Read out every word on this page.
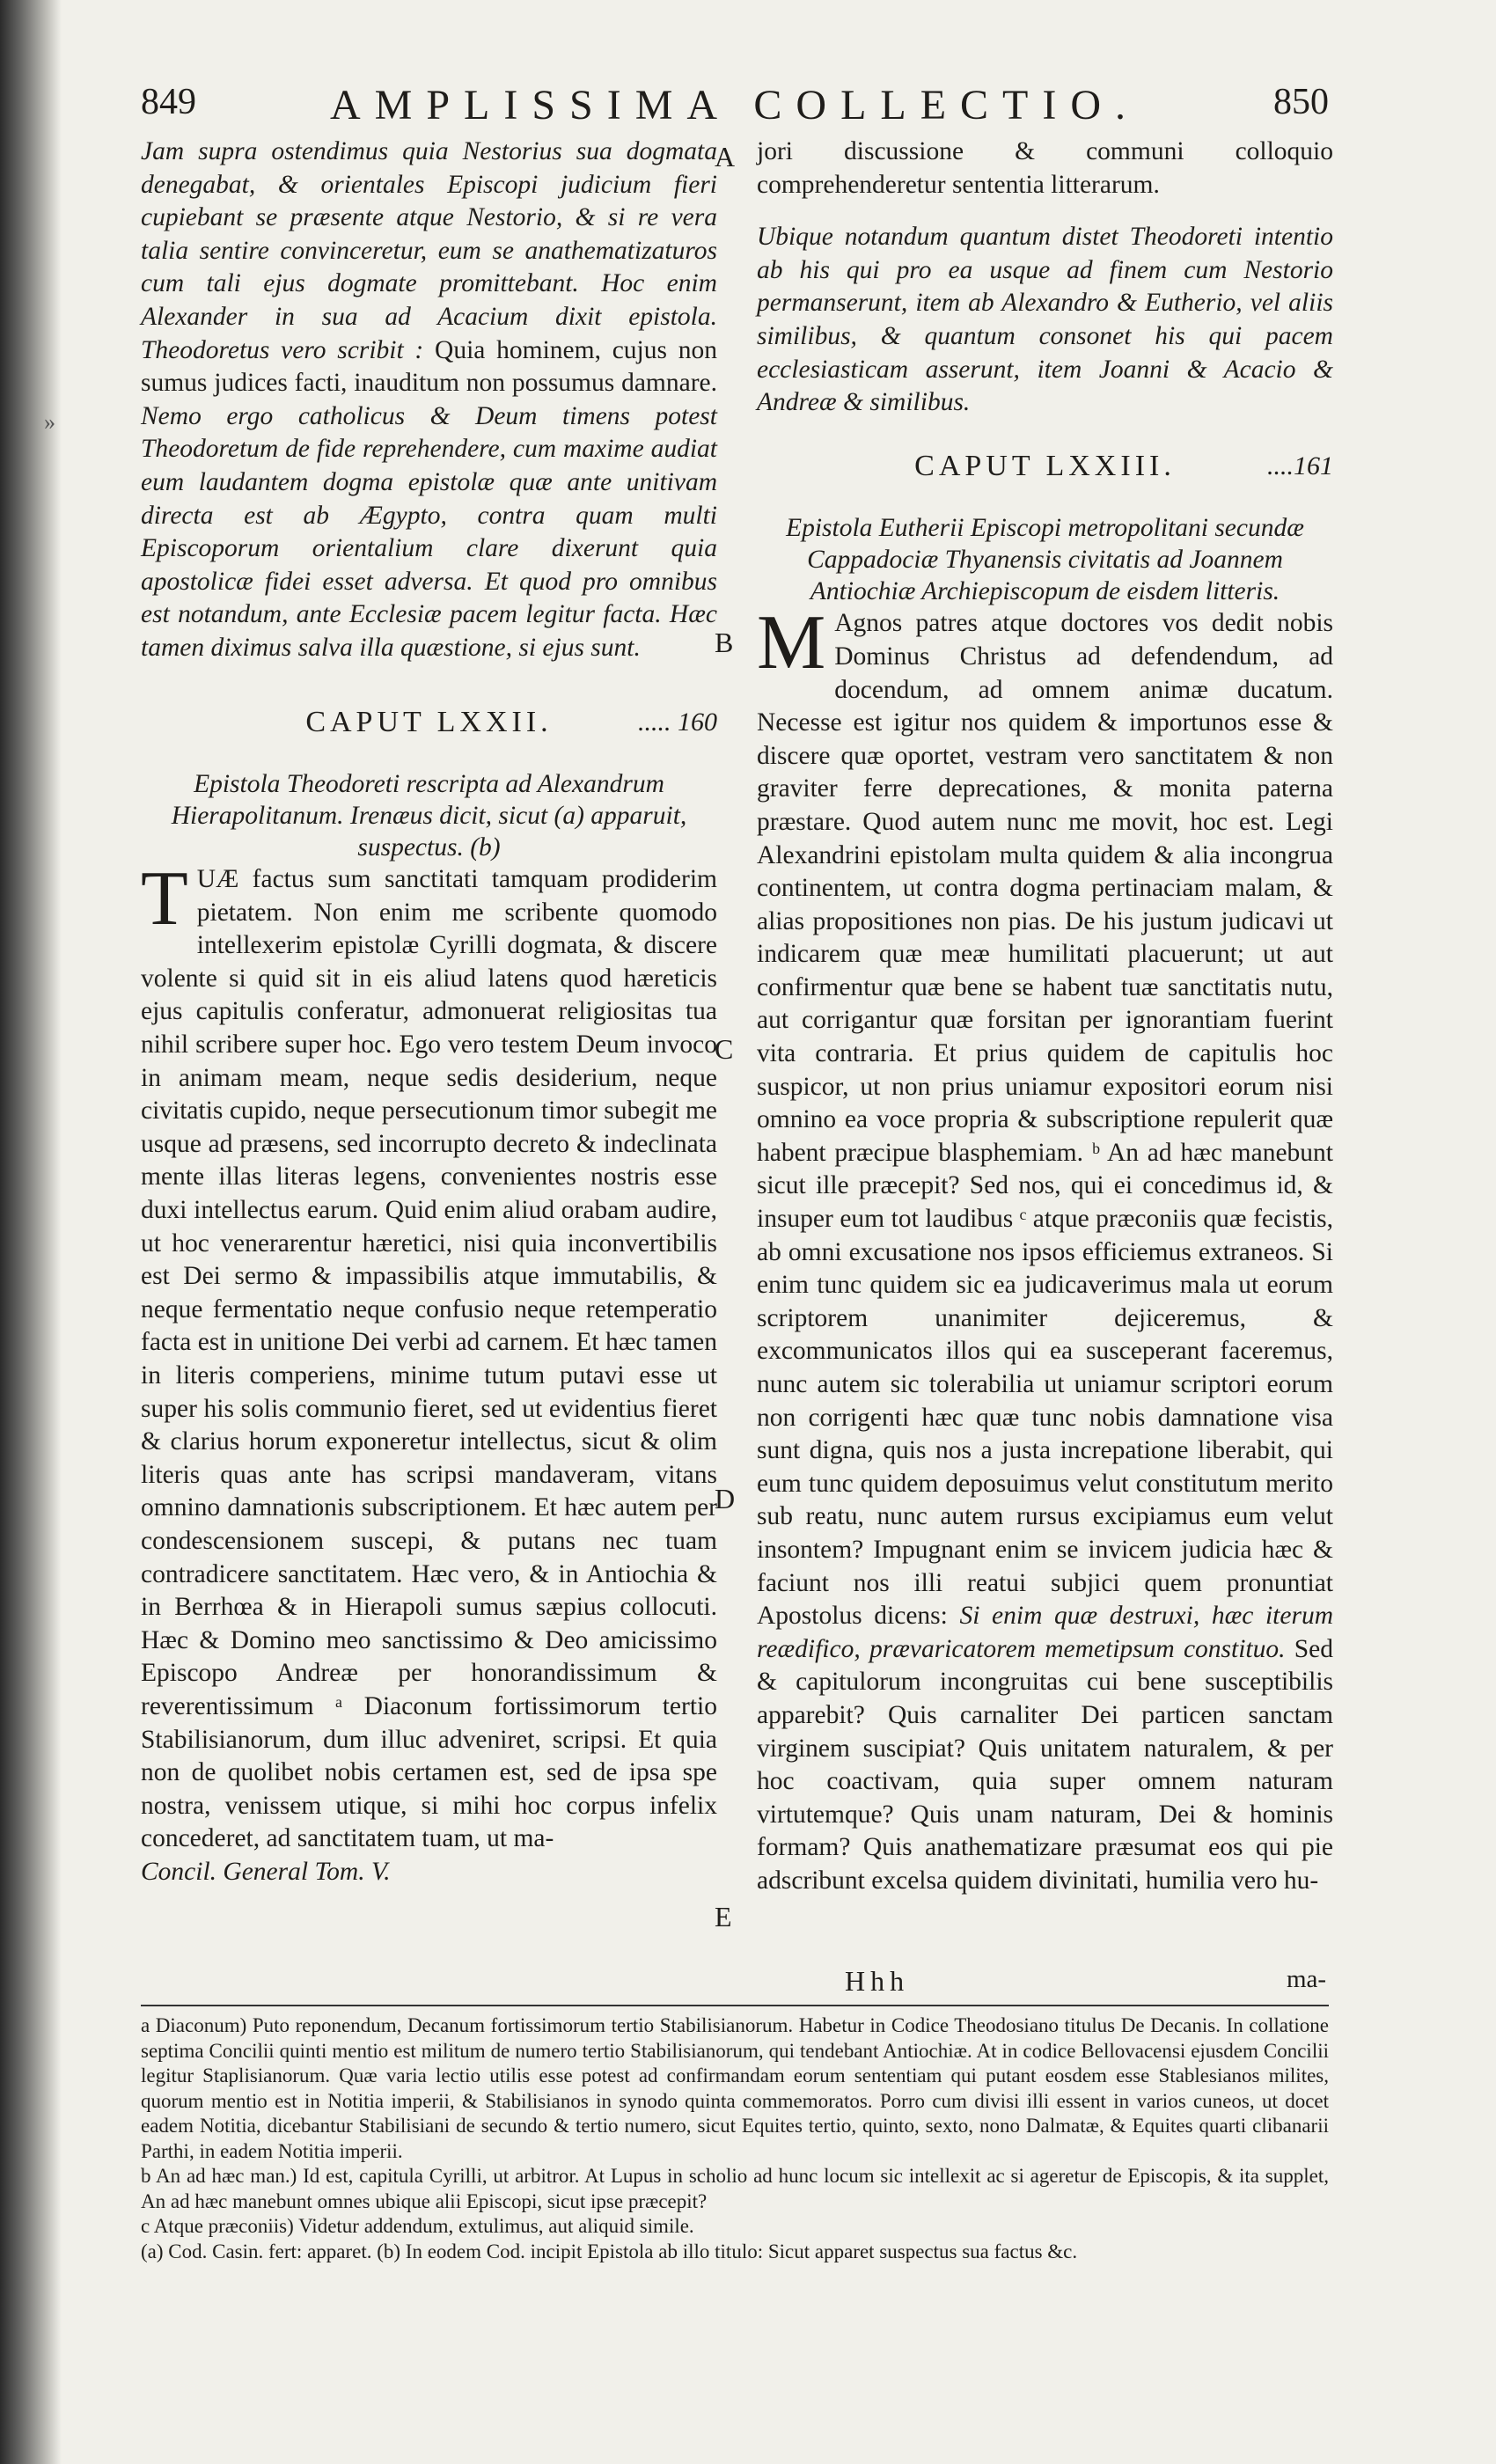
»
849	AMPLISSIMA COLLECTIO.	850

Jam supra ostendimus quia Nestorius sua dogmata denegabat, & orientales Episcopi judicium fieri cupiebant se præsente atque Nestorio, & si re vera talia sentire convinceretur, eum se anathematizaturos cum tali ejus dogmate promittebant. Hoc enim Alexander in sua ad Acacium dixit epistola. Theodoretus vero scribit : Quia hominem, cujus non sumus judices facti, inauditum non possumus damnare. Nemo ergo catholicus & Deum timens potest Theodoretum de fide reprehendere, cum maxime audiat eum laudantem dogma epistolæ quæ ante unitivam directa est ab Ægypto, contra quam multi Episcoporum orientalium clare dixerunt quia apostolicæ fidei esset adversa. Et quod pro omnibus est notandum, ante Ecclesiæ pacem legitur facta. Hæc tamen diximus salva illa quæstione, si ejus sunt.

CAPUT LXXII.	..... 160

Epistola Theodoreti rescripta ad Alexandrum Hierapolitanum. Irenæus dicit, sicut (a) apparuit, suspectus. (b)

TUÆ factus sum sanctitati tamquam prodiderim pietatem. Non enim me scribente quomodo intellexerim epistolæ Cyrilli dogmata, & discere volente si quid sit in eis aliud latens quod hæreticis ejus capitulis conferatur, admonuerat religiositas tua nihil scribere super hoc. Ego vero testem Deum invoco in animam meam, neque sedis desiderium, neque civitatis cupido, neque persecutionum timor subegit me usque ad præsens, sed incorrupto decreto & indeclinata mente illas literas legens, convenientes nostris esse duxi intellectus earum. Quid enim aliud orabam audire, ut hoc venerarentur hæretici, nisi quia inconvertibilis est Dei sermo & impassibilis atque immutabilis, & neque fermentatio neque confusio neque retemperatio facta est in unitione Dei verbi ad carnem. Et hæc tamen in literis comperiens, minime tutum putavi esse ut super his solis communio fieret, sed ut evidentius fieret & clarius horum exponeretur intellectus, sicut & olim literis quas ante has scripsi mandaveram, vitans omnino damnationis subscriptionem. Et hæc autem per condescensionem suscepi, & putans nec tuam contradicere sanctitatem. Hæc vero, & in Antiochia & in Berrhœa & in Hierapoli sumus sæpius collocuti. Hæc & Domino meo sanctissimo & Deo amicissimo Episcopo Andreæ per honorandissimum & reverentissimum ᵃ Diaconum fortissimorum tertio Stabilisianorum, dum illuc adveniret, scripsi. Et quia non de quolibet nobis certamen est, sed de ipsa spe nostra, venissem utique, si mihi hoc corpus infelix concederet, ad sanctitatem tuam, ut ma-

Concil. General Tom. V.

jori discussione & communi colloquio comprehenderetur sententia litterarum.

Ubique notandum quantum distet Theodoreti intentio ab his qui pro ea usque ad finem cum Nestorio permanserunt, item ab Alexandro & Eutherio, vel aliis similibus, & quantum consonet his qui pacem ecclesiasticam asserunt, item Joanni & Acacio & Andreæ & similibus.

CAPUT LXXIII.	....161

Epistola Eutherii Episcopi metropolitani secundæ Cappadociæ Thyanensis civitatis ad Joannem Antiochiæ Archiepiscopum de eisdem litteris.

M Agnos patres atque doctores vos dedit nobis Dominus Christus ad defendendum, ad docendum, ad omnem animæ ducatum. Necesse est igitur nos quidem & importunos esse & discere quæ oportet, vestram vero sanctitatem & non graviter ferre deprecationes, & monita paterna præstare. Quod autem nunc me movit, hoc est. Legi Alexandrini epistolam multa quidem & alia incongrua continentem, ut contra dogma pertinaciam malam, & alias propositiones non pias. De his justum judicavi ut indicarem quæ meæ humilitati placuerunt; ut aut confirmentur quæ bene se habent tuæ sanctitatis nutu, aut corrigantur quæ forsitan per ignorantiam fuerint vita contraria. Et prius quidem de capitulis hoc suspicor, ut non prius uniamur expositori eorum nisi omnino ea voce propria & subscriptione repulerit quæ habent præcipue blasphemiam. ᵇ An ad hæc manebunt sicut ille præcepit? Sed nos, qui ei concedimus id, & insuper eum tot laudibus ᶜ atque præconiis quæ fecistis, ab omni excusatione nos ipsos efficiemus extraneos. Si enim tunc quidem sic ea judicaverimus mala ut eorum scriptorem unanimiter dejiceremus, & excommunicatos illos qui ea susceperant faceremus, nunc autem sic tolerabilia ut uniamur scriptori eorum non corrigenti hæc quæ tunc nobis damnatione visa sunt digna, quis nos a justa increpatione liberabit, qui eum tunc quidem deposuimus velut constitutum merito sub reatu, nunc autem rursus excipiamus eum velut insontem? Impugnant enim se invicem judicia hæc & faciunt nos illi reatui subjici quem pronuntiat Apostolus dicens: Si enim quæ destruxi, hæc iterum reædifico, prævaricatorem memetipsum constituo. Sed & capitulorum incongruitas cui bene susceptibilis apparebit? Quis carnaliter Dei particen sanctam virginem suscipiat? Quis unitatem naturalem, & per hoc coactivam, quia super omnem naturam virtutemque? Quis unam naturam, Dei & hominis formam? Quis anathematizare præsumat eos qui pie adscribunt excelsa quidem divinitati, humilia vero hu-

A
B
C
D
E
Hhh	ma-

a Diaconum) Puto reponendum, Decanum fortissimorum tertio Stabilisianorum. Habetur in Codice Theodosiano titulus De Decanis. In collatione septima Concilii quinti mentio est militum de numero tertio Stabilisianorum, qui tendebant Antiochiæ. At in codice Bellovacensi ejusdem Concilii legitur Staplisianorum. Quæ varia lectio utilis esse potest ad confirmandam eorum sententiam qui putant eosdem esse Stablesianos milites, quorum mentio est in Notitia imperii, & Stabilisianos in synodo quinta commemoratos. Porro cum divisi illi essent in varios cuneos, ut docet eadem Notitia, dicebantur Stabilisiani de secundo & tertio numero, sicut Equites tertio, quinto, sexto, nono Dalmatæ, & Equites quarti clibanarii Parthi, in eadem Notitia imperii.

b An ad hæc man.) Id est, capitula Cyrilli, ut arbitror. At Lupus in scholio ad hunc locum sic intellexit ac si ageretur de Episcopis, & ita supplet, An ad hæc manebunt omnes ubique alii Episcopi, sicut ipse præcepit?

c Atque præconiis) Videtur addendum, extulimus, aut aliquid simile.

(a) Cod. Casin. fert: apparet. (b) In eodem Cod. incipit Epistola ab illo titulo: Sicut apparet suspectus sua factus &c.
